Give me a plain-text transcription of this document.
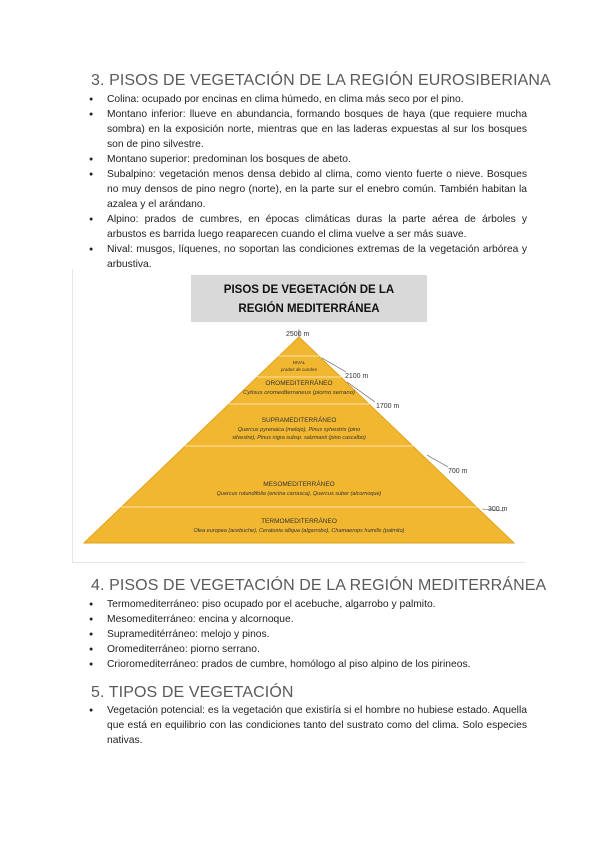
3. PISOS DE VEGETACIÓN DE LA REGIÓN EUROSIBERIANA
● Colina: ocupado por encinas en clima húmedo, en clima más seco por el pino.
● Montano inferior: llueve en abundancia, formando bosques de haya (que requiere mucha sombra) en la exposición norte, mientras que en las laderas expuestas al sur los bosques son de pino silvestre.
● Montano superior: predominan los bosques de abeto.
● Subalpino: vegetación menos densa debido al clima, como viento fuerte o nieve. Bosques no muy densos de pino negro (norte), en la parte sur el enebro común. También habitan la azalea y el arándano.
● Alpino: prados de cumbres, en épocas climáticas duras la parte aérea de árboles y arbustos es barrida luego reaparecen cuando el clima vuelve a ser más suave.
● Nival: musgos, líquenes, no soportan las condiciones extremas de la vegetación arbórea y arbustiva.
PISOS DE VEGETACIÓN DE LA
REGIÓN MEDITERRÁNEA
2500 m
2100 m
1700 m
700 m
300 m
NIVAL
prados de cumbre
OROMEDITERRÁNEO
Cytisus oromediterraneus (piorno serrano)
SUPRAMEDITERRÁNEO
Quercus pyrenaica (melojo), Pinus sylvestris (pino
silvestre), Pinus nigra subsp. salzmanii (pino cascalbo)
MESOMEDITERRÁNEO
Quercus rotundifolia (encina carrasca), Quercus suber (alcornoque)
TERMOMEDITERRÁNEO
Olea europea (acebuche), Ceratonia siliqua (algarrobo), Chamaerops humilis (palmito)
4. PISOS DE VEGETACIÓN DE LA REGIÓN MEDITERRÁNEA
● Termomediterráneo: piso ocupado por el acebuche, algarrobo y palmito.
● Mesomediterráneo: encina y alcornoque.
● Suprameditérráneo: melojo y pinos.
● Oromediterráneo: piorno serrano.
● Crioromediterráneo: prados de cumbre, homólogo al piso alpino de los pirineos.
5. TIPOS DE VEGETACIÓN
● Vegetación potencial: es la vegetación que existiría si el hombre no hubiese estado. Aquella que está en equilibrio con las condiciones tanto del sustrato como del clima. Solo especies nativas.
